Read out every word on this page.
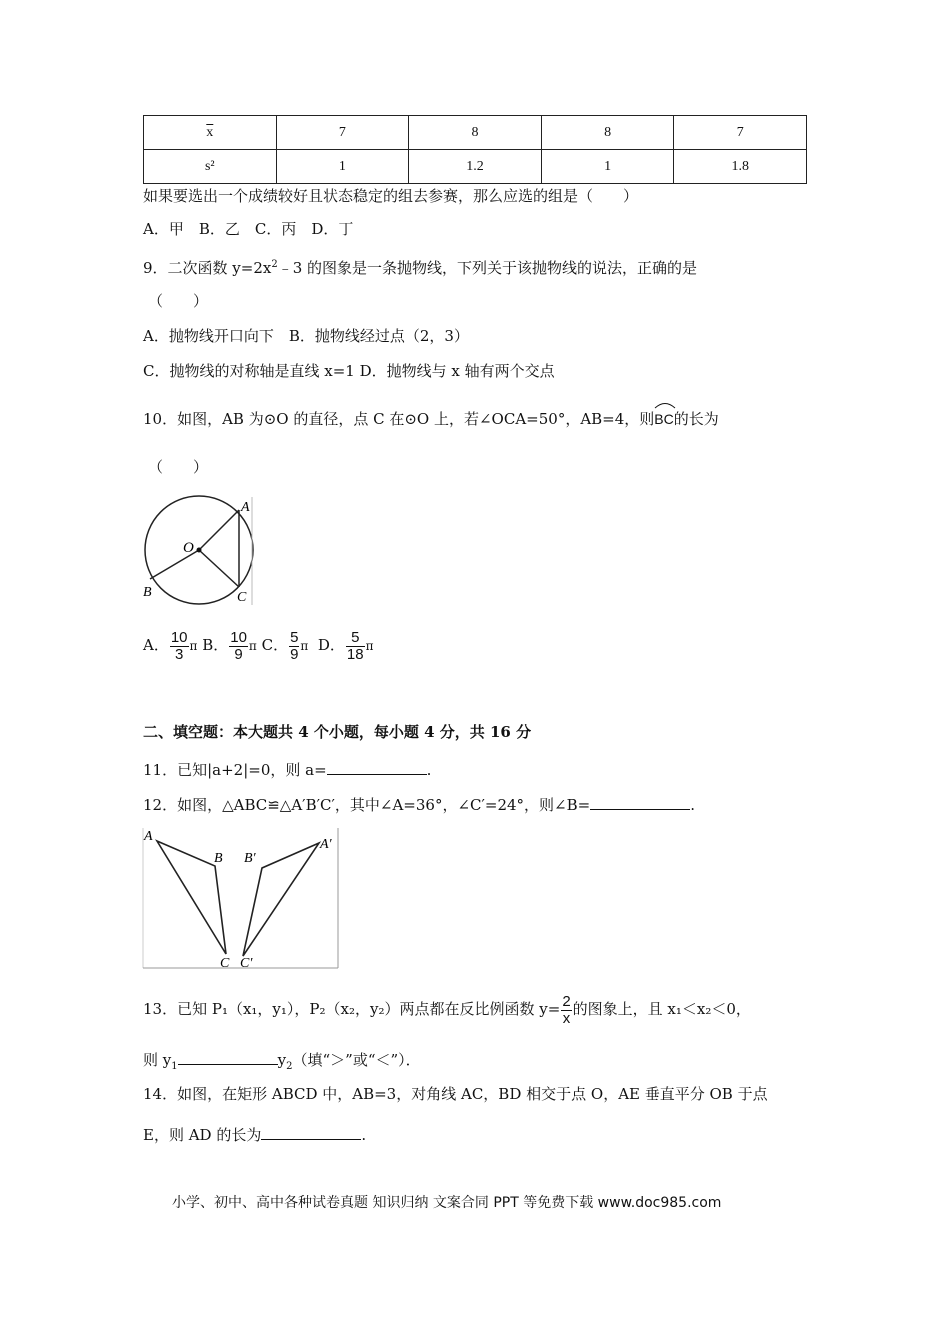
$\overline{x}$	7	8	8	7
s²	1	1.2	1	1.8
如果要选出一个成绩较好且状态稳定的组去参赛，那么应选的组是（　　）
A．甲　B．乙　C．丙　D．丁
9．二次函数 $y=2x^2﹣3$ 的图象是一条抛物线，下列关于该抛物线的说法，正确的是
（　　）
A．抛物线开口向下　B．抛物线经过点（2，3）
C．抛物线的对称轴是直线 x=1 D．抛物线与 x 轴有两个交点
10．如图，AB 为⊙O 的直径，点 C 在⊙O 上，若∠OCA=50°，AB=4，则
BC的长为
（　　）
A
O
B	C
A． $\frac{10}{3}$ π B． $\frac{10}{9}$ π C． $\frac{5}{9}$ π D． $\frac{5}{18}$ π
二、填空题：本大题共 4 个小题，每小题 4 分，共 16 分
11．已知|a+2|=0，则 a=	.
12．如图，△ABC≌△A′B′C′，其中∠A=36°，∠C′=24°，则∠B=	.
A
B
C
A′
B′
C′
13．已知 P₁（x₁，y₁），P₂（x₂，y₂）两点都在反比例函数 $y= \frac{2}{x}$ 的图象上，且 x₁＜x₂＜0，
则 $y_1$	$y_2$（填“＞”或“＜”）．
14．如图，在矩形 ABCD 中，AB=3，对角线 AC，BD 相交于点 O，AE 垂直平分 OB 于点
E，则 AD 的长为	.
小学、初中、高中各种试卷真题 知识归纳 文案合同 PPT 等免费下载 www.doc985.com
